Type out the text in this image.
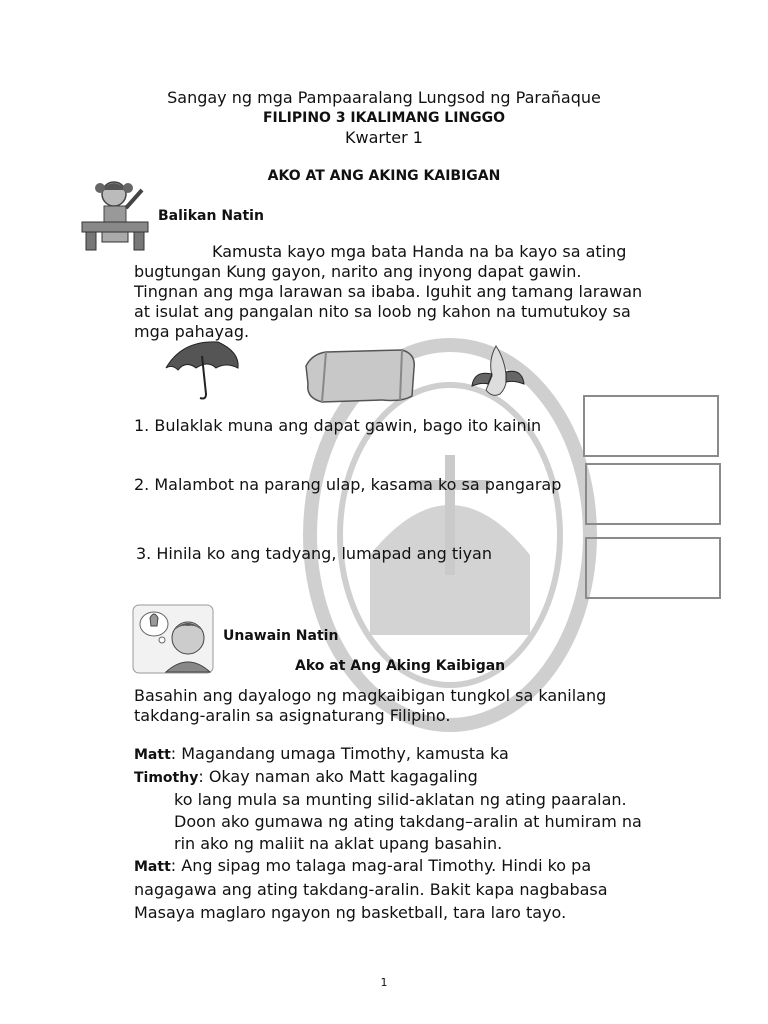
Sangay ng mga Pampaaralang Lungsod ng Parañaque
FILIPINO 3 IKALIMANG LINGGO
Kwarter 1
AKO AT ANG AKING KAIBIGAN
Balikan Natin
Kamusta kayo mga bata Handa na ba kayo sa ating
bugtungan Kung gayon, narito ang inyong dapat gawin.
Tingnan ang mga larawan sa ibaba. Iguhit ang tamang larawan
at isulat ang pangalan nito sa loob ng kahon na tumutukoy sa
mga pahayag.
1. Bulaklak muna ang dapat gawin, bago ito kainin
2. Malambot na parang ulap, kasama ko sa pangarap
3. Hinila ko ang tadyang, lumapad ang tiyan
Unawain Natin
Ako at Ang Aking Kaibigan
Basahin ang dayalogo ng magkaibigan tungkol sa kanilang
takdang-aralin sa asignaturang Filipino.
Matt: Magandang umaga Timothy, kamusta ka
Timothy: Okay naman ako Matt kagagaling
ko lang mula sa munting silid-aklatan ng ating paaralan.
Doon ako gumawa ng ating takdang–aralin at humiram na
rin ako ng maliit na aklat upang basahin.
Matt: Ang sipag mo talaga mag-aral Timothy. Hindi ko pa
nagagawa ang ating takdang-aralin. Bakit kapa nagbabasa
Masaya maglaro ngayon ng basketball, tara laro tayo.
1
